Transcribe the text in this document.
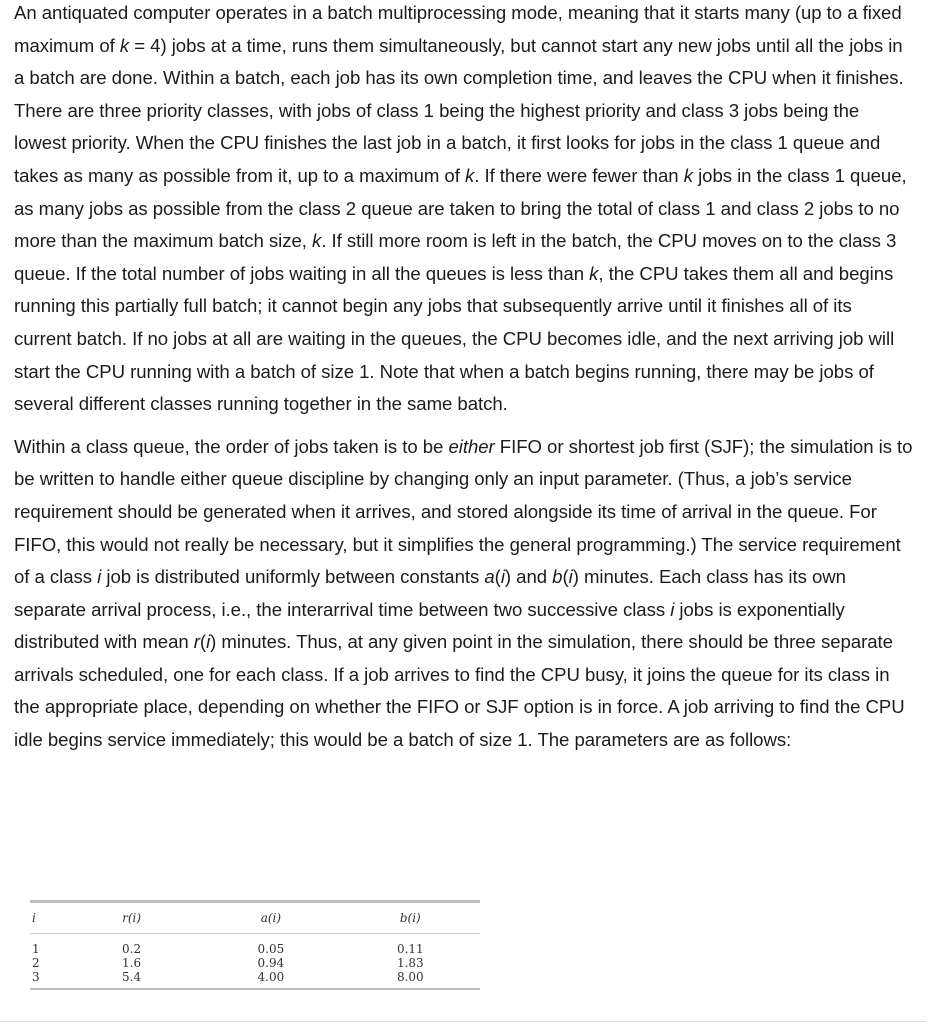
An antiquated computer operates in a batch multiprocessing mode, meaning that it starts many (up to a fixed maximum of k = 4) jobs at a time, runs them simultaneously, but cannot start any new jobs until all the jobs in a batch are done. Within a batch, each job has its own completion time, and leaves the CPU when it finishes. There are three priority classes, with jobs of class 1 being the highest priority and class 3 jobs being the lowest priority. When the CPU finishes the last job in a batch, it first looks for jobs in the class 1 queue and takes as many as possible from it, up to a maximum of k. If there were fewer than k jobs in the class 1 queue, as many jobs as possible from the class 2 queue are taken to bring the total of class 1 and class 2 jobs to no more than the maximum batch size, k. If still more room is left in the batch, the CPU moves on to the class 3 queue. If the total number of jobs waiting in all the queues is less than k, the CPU takes them all and begins running this partially full batch; it cannot begin any jobs that subsequently arrive until it finishes all of its current batch. If no jobs at all are waiting in the queues, the CPU becomes idle, and the next arriving job will start the CPU running with a batch of size 1. Note that when a batch begins running, there may be jobs of several different classes running together in the same batch.

Within a class queue, the order of jobs taken is to be either FIFO or shortest job first (SJF); the simulation is to be written to handle either queue discipline by changing only an input parameter. (Thus, a job’s service requirement should be generated when it arrives, and stored alongside its time of arrival in the queue. For FIFO, this would not really be necessary, but it simplifies the general programming.) The service requirement of a class i job is distributed uniformly between constants a(i) and b(i) minutes. Each class has its own separate arrival process, i.e., the interarrival time between two successive class i jobs is exponentially distributed with mean r(i) minutes. Thus, at any given point in the simulation, there should be three separate arrivals scheduled, one for each class. If a job arrives to find the CPU busy, it joins the queue for its class in the appropriate place, depending on whether the FIFO or SJF option is in force. A job arriving to find the CPU idle begins service immediately; this would be a batch of size 1. The parameters are as follows:

i	r(i)	a(i)	b(i)

1	0.2	0.05	0.11
2	1.6	0.94	1.83
3	5.4	4.00	8.00
